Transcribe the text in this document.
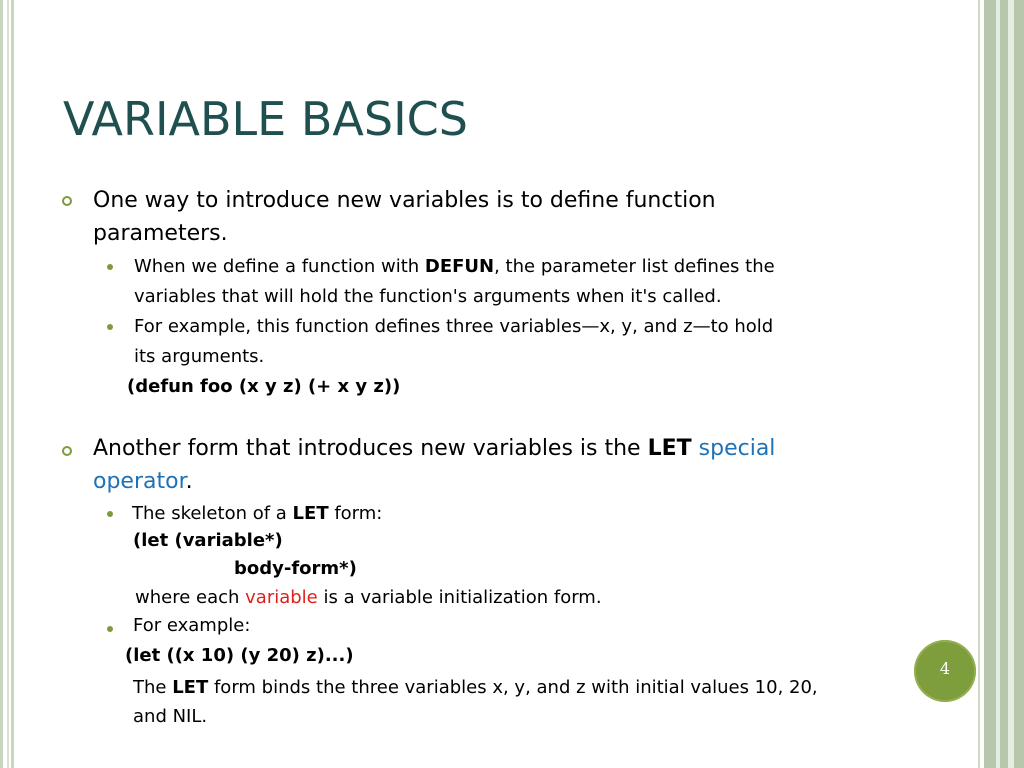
VARIABLE BASICS
One way to introduce new variables is to define function
parameters.
When we define a function with DEFUN, the parameter list defines the
variables that will hold the function's arguments when it's called.
For example, this function defines three variables—x, y, and z—to hold
its arguments.
(defun foo (x y z) (+ x y z))
Another form that introduces new variables is the LET special
operator.
The skeleton of a LET form:
(let (variable*)
body-form*)
where each variable is a variable initialization form.
For example:
(let ((x 10) (y 20) z)...)
4
The LET form binds the three variables x, y, and z with initial values 10, 20,
and NIL.
